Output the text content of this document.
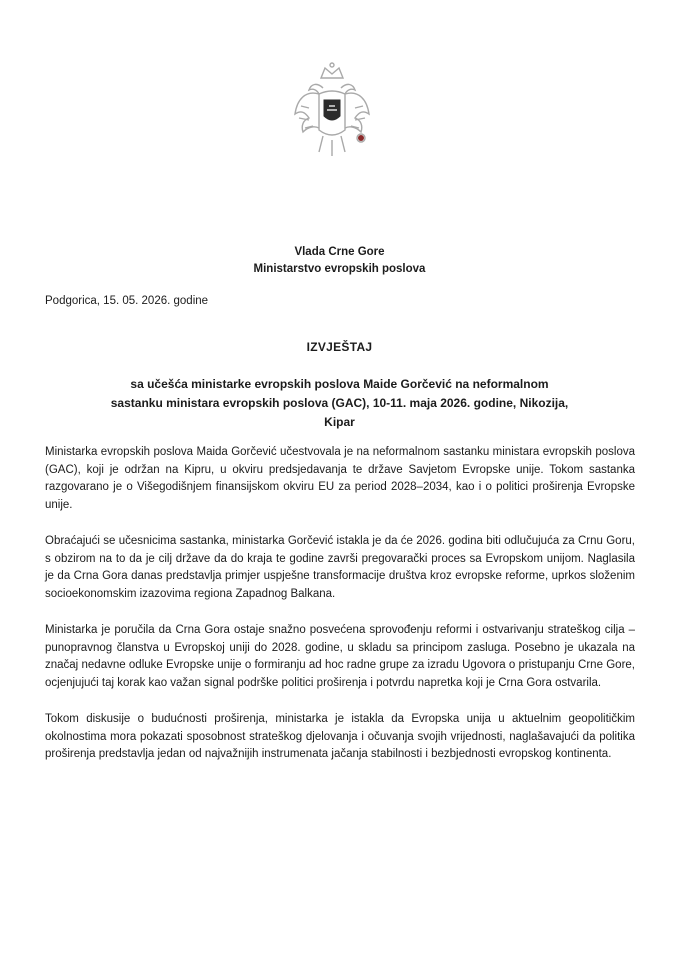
Vlada Crne Gore
Ministarstvo evropskih poslova
Podgorica, 15. 05. 2026. godine
IZVJEŠTAJ
sa učešća ministarke evropskih poslova Maide Gorčević na neformalnom sastanku ministara evropskih poslova (GAC), 10-11. maja 2026. godine, Nikozija, Kipar

Ministarka evropskih poslova Maida Gorčević učestvovala je na neformalnom sastanku ministara evropskih poslova (GAC), koji je održan na Kipru, u okviru predsjedavanja te države Savjetom Evropske unije. Tokom sastanka razgovarano je o Višegodišnjem finansijskom okviru EU za period 2028–2034, kao i o politici proširenja Evropske unije.

Obraćajući se učesnicima sastanka, ministarka Gorčević istakla je da će 2026. godina biti odlučujuća za Crnu Goru, s obzirom na to da je cilj države da do kraja te godine završi pregovarački proces sa Evropskom unijom. Naglasila je da Crna Gora danas predstavlja primjer uspješne transformacije društva kroz evropske reforme, uprkos složenim socioekonomskim izazovima regiona Zapadnog Balkana.

Ministarka je poručila da Crna Gora ostaje snažno posvećena sprovođenju reformi i ostvarivanju strateškog cilja – punopravnog članstva u Evropskoj uniji do 2028. godine, u skladu sa principom zasluga. Posebno je ukazala na značaj nedavne odluke Evropske unije o formiranju ad hoc radne grupe za izradu Ugovora o pristupanju Crne Gore, ocjenjujući taj korak kao važan signal podrške politici proširenja i potvrdu napretka koji je Crna Gora ostvarila.

Tokom diskusije o budućnosti proširenja, ministarka je istakla da Evropska unija u aktuelnim geopolitičkim okolnostima mora pokazati sposobnost strateškog djelovanja i očuvanja svojih vrijednosti, naglašavajući da politika proširenja predstavlja jedan od najvažnijih instrumenata jačanja stabilnosti i bezbjednosti evropskog kontinenta.
